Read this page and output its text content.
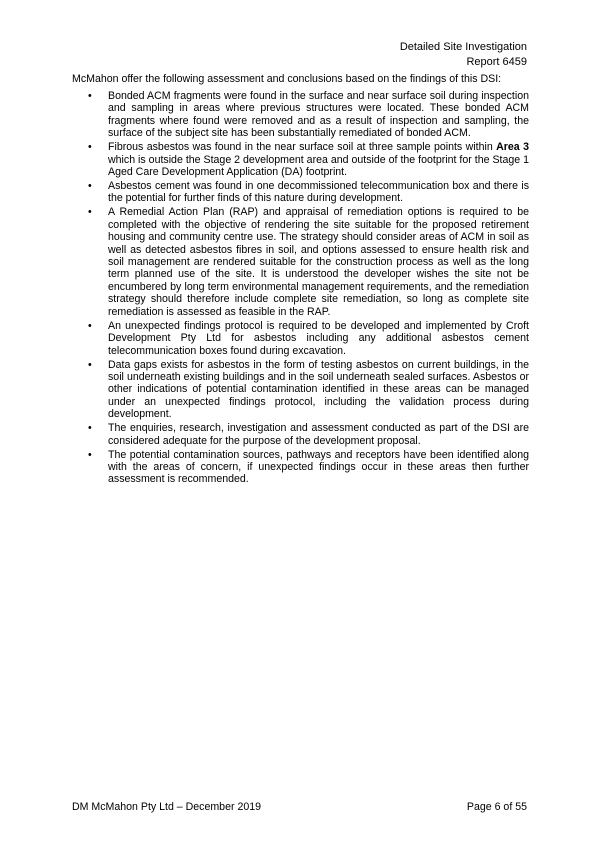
Detailed Site Investigation
Report 6459

McMahon offer the following assessment and conclusions based on the findings of this DSI:

• Bonded ACM fragments were found in the surface and near surface soil during inspection and sampling in areas where previous structures were located. These bonded ACM fragments where found were removed and as a result of inspection and sampling, the surface of the subject site has been substantially remediated of bonded ACM.
• Fibrous asbestos was found in the near surface soil at three sample points within Area 3 which is outside the Stage 2 development area and outside of the footprint for the Stage 1 Aged Care Development Application (DA) footprint.
• Asbestos cement was found in one decommissioned telecommunication box and there is the potential for further finds of this nature during development.
• A Remedial Action Plan (RAP) and appraisal of remediation options is required to be completed with the objective of rendering the site suitable for the proposed retirement housing and community centre use. The strategy should consider areas of ACM in soil as well as detected asbestos fibres in soil, and options assessed to ensure health risk and soil management are rendered suitable for the construction process as well as the long term planned use of the site. It is understood the developer wishes the site not be encumbered by long term environmental management requirements, and the remediation strategy should therefore include complete site remediation, so long as complete site remediation is assessed as feasible in the RAP.
• An unexpected findings protocol is required to be developed and implemented by Croft Development Pty Ltd for asbestos including any additional asbestos cement telecommunication boxes found during excavation.
• Data gaps exists for asbestos in the form of testing asbestos on current buildings, in the soil underneath existing buildings and in the soil underneath sealed surfaces. Asbestos or other indications of potential contamination identified in these areas can be managed under an unexpected findings protocol, including the validation process during development.
• The enquiries, research, investigation and assessment conducted as part of the DSI are considered adequate for the purpose of the development proposal.
• The potential contamination sources, pathways and receptors have been identified along with the areas of concern, if unexpected findings occur in these areas then further assessment is recommended.
DM McMahon Pty Ltd – December 2019	Page 6 of 55
